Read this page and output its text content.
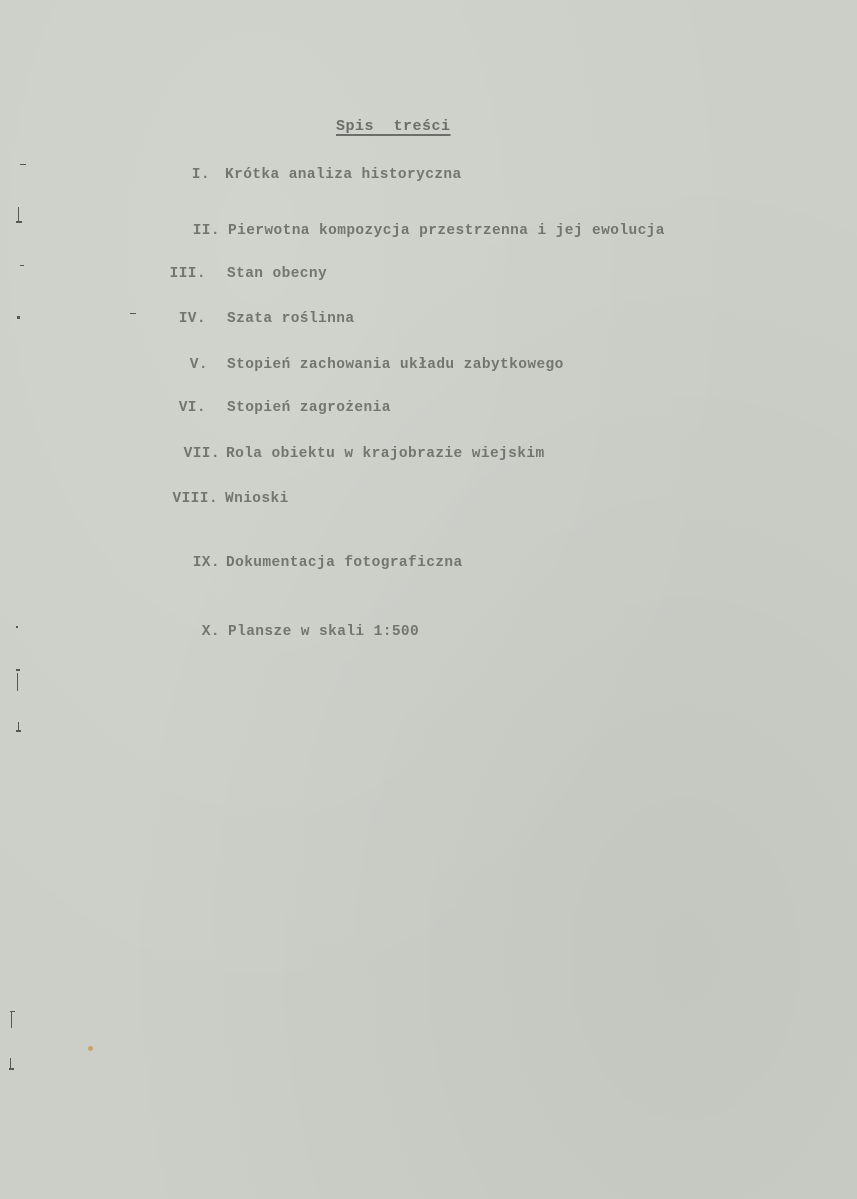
Spis treści
I. Krótka analiza historyczna
II. Pierwotna kompozycja przestrzenna i jej ewolucja
III. Stan obecny
IV. Szata roślinna
V. Stopień zachowania układu zabytkowego
VI. Stopień zagrożenia
VII. Rola obiektu w krajobrazie wiejskim
VIII. Wnioski
IX. Dokumentacja fotograficzna
X. Plansze w skali 1:500
